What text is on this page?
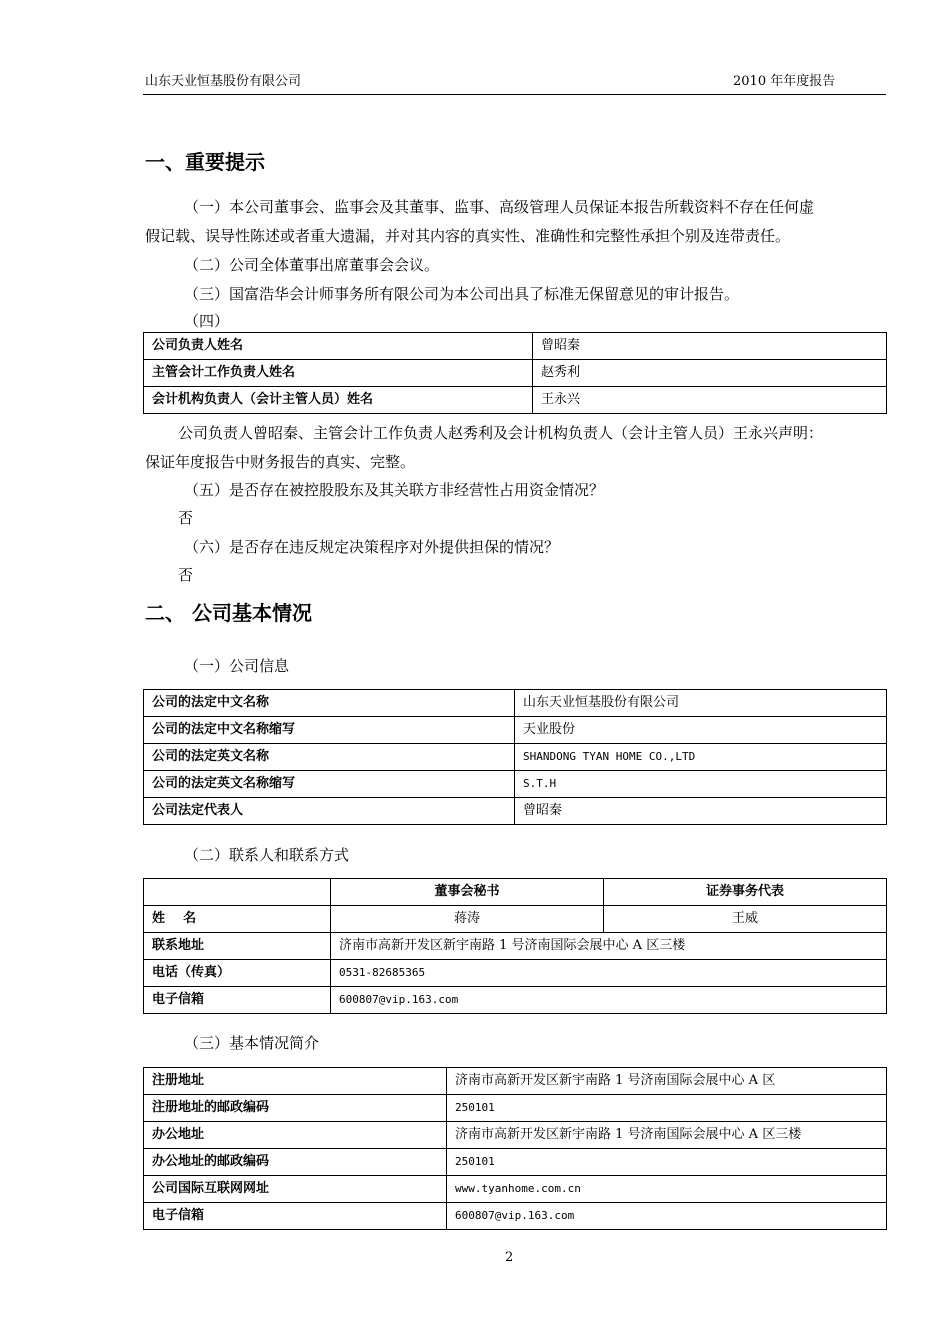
山东天业恒基股份有限公司	2010 年年度报告
一、重要提示
（一）本公司董事会、监事会及其董事、监事、高级管理人员保证本报告所载资料不存在任何虚
假记载、误导性陈述或者重大遗漏，并对其内容的真实性、准确性和完整性承担个别及连带责任。
（二）公司全体董事出席董事会会议。
（三）国富浩华会计师事务所有限公司为本公司出具了标准无保留意见的审计报告。
（四）
公司负责人姓名	曾昭秦
主管会计工作负责人姓名	赵秀利
会计机构负责人（会计主管人员）姓名	王永兴
公司负责人曾昭秦、主管会计工作负责人赵秀利及会计机构负责人（会计主管人员）王永兴声明：
保证年度报告中财务报告的真实、完整。
（五）是否存在被控股股东及其关联方非经营性占用资金情况？
否
（六）是否存在违反规定决策程序对外提供担保的情况？
否
二、 公司基本情况
（一）公司信息
公司的法定中文名称	山东天业恒基股份有限公司
公司的法定中文名称缩写	天业股份
公司的法定英文名称	SHANDONG TYAN HOME CO.,LTD
公司的法定英文名称缩写	S.T.H
公司法定代表人	曾昭秦
（二）联系人和联系方式
	董事会秘书	证券事务代表
姓    名	蒋涛	王威
联系地址	济南市高新开发区新宇南路 1 号济南国际会展中心 A 区三楼	
电话（传真）	0531-82685365	
电子信箱	600807@vip.163.com	
（三）基本情况简介
注册地址	济南市高新开发区新宇南路 1 号济南国际会展中心 A 区
注册地址的邮政编码	250101
办公地址	济南市高新开发区新宇南路 1 号济南国际会展中心 A 区三楼
办公地址的邮政编码	250101
公司国际互联网网址	www.tyanhome.com.cn
电子信箱	600807@vip.163.com
2
